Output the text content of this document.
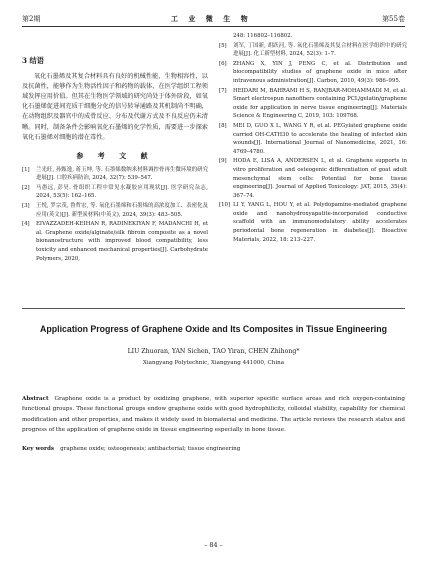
第2期	工 业 微 生 物	第55卷
3 结语

氧化石墨烯及其复合材料具有良好的机械性能、生物相容性，以及抗菌性，能够作为生物活性因子和药物的载体，在医学组织工程领域发挥应用价值。但其在生物医学领域的研究尚处于体外阶段，如氧化石墨烯促进间充质干细胞分化的信号转导通路及其机制尚不明确，在动物组织及器官中的成骨反应、分布及代谢方式及不良反应仍未清晰。同时，制备条件会影响氧化石墨烯的化学性质，需要进一步探索氧化石墨烯对细胞的潜在毒性。

参 考 文 献
[1]	兰光旺, 孙甄逸, 蒋玉坤, 等. 石墨烯数纳米材料调控骨再生微环境的研究进展[J]. 口腔疾病防治, 2024, 32(7): 539–547.
[2]	马愚远, 彭昊. 骨组织工程中常见水凝胶应用现状[J]. 医学研究杂志, 2024, 53(5): 162–165.
[3]	王悦, 罗宗茂, 鲁哲宏, 等. 氧化石墨烯和石墨烯的高浓度加工、表密化及应用(英文)[J]. 新型炭材料(中英文), 2024, 39(3): 483–505.
[4]	EIVAZZADEH-KEIHAN R, RADINEKIYAN F, MADANCHI H, et al. Graphene oxide/alginate/silk fibroin composite as a novel bionanostructure with improved blood compatibility, less toxicity and enhanced mechanical properties[J]. Carbohydrate Polymers, 2020,
248: 116802–116802.
[5]	刘军, 丁国新, 胡跃河, 等. 氧化石墨烯及其复合材料在医学组织中的研究进展[J]. 化工新型材料, 2024, 52(3): 1–7.
[6]	ZHANG X, YIN J, PENG C, et al. Distribution and biocompatibility studies of graphene oxide in mice after intravenous administration[J]. Carbon, 2010, 49(3): 986–995.
[7]	HEIDARI M, BAHRAMI H S, RANJBAR-MOHAMMADI M, et al. Smart electrospun nanofibers containing PCL/gelatin/graphene oxide for application in nerve tissue engineering[J]. Materials Science & Engineering C, 2019, 103: 109768.
[8]	MEI D, GUO X L, WANG Y R, et al. PEGylated graphene oxide carried OH-CATH30 to accelerate the healing of infected skin wounds[J]. International Journal of Nanomedicine, 2021, 16: 4769–4780.
[9]	HODA E, LISA A, ANDERSEN L, et al. Graphene supports in vitro proliferation and osteogenic differentiation of goat adult mesenchymal stem cells: Potential for bone tissue engineering[J]. Journal of Applied Toxicology: JAT, 2015, 35(4): 367–74.
[10] LI Y, YANG L, HOU Y, et al. Polydopamine-mediated graphene oxide and nanohydroxyapatite-incorporated conductive scaffold with an immunomodulatory ability accelerates periodontal bone regeneration in diabetes[J]. Bioactive Materials, 2022, 18: 213–227.
Application Progress of Graphene Oxide and Its Composites in Tissue Engineering
LIU Zhuoran, YAN Sichen, TAO Yiran, CHEN Zhihong*
Xiangyang Polytechnic, Xiangyang 441000, China
Abstract Graphene oxide is a product by oxidizing graphene, with superior specific surface areas and rich oxygen-containing functional groups. These functional groups endow graphene oxide with good hydrophilicity, colloidal stability, capability for chemical modification and other properties, and makes it widely used in biomaterial and medicine. The article reviews the research status and progress of the application of graphene oxide in tissue engineering especially in bone tissue.
Key words graphene oxide; osteogenesis; antibacterial; tissue engineering
– 84 –
